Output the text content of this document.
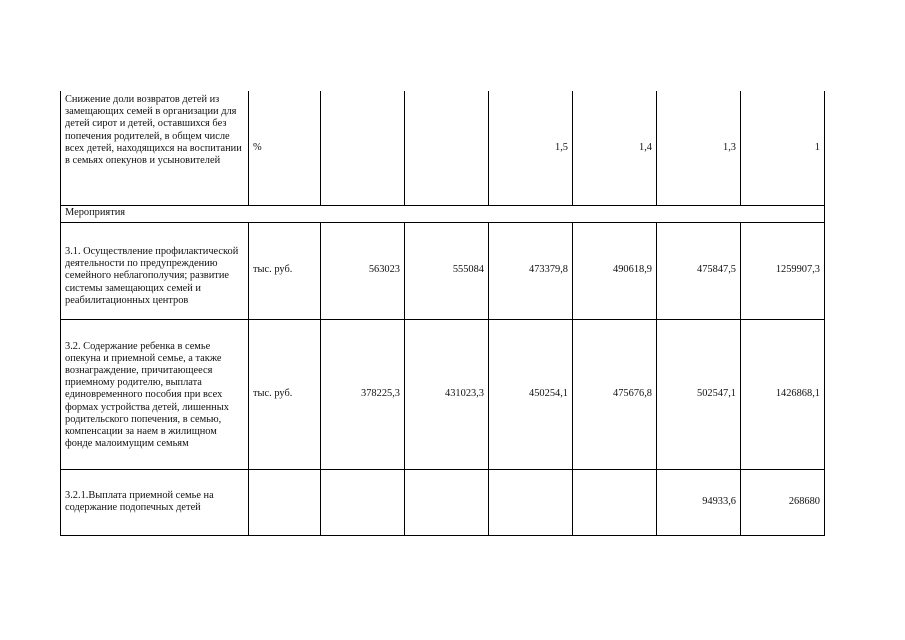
Снижение доли возвратов детей из замещающих семей в организации для детей сирот и детей, оставшихся без попечения родителей, в общем числе всех детей, находящихся на воспитании в семьях опекунов и усыновителей	%			1,5	1,4	1,3	1
Мероприятия							
3.1. Осуществление профилактической деятельности по предупреждению семейного неблагополучия; развитие системы замещающих семей и реабилитационных центров	тыс. руб.	563023	555084	473379,8	490618,9	475847,5	1259907,3
3.2. Содержание ребенка в семье опекуна и приемной семье, а также вознаграждение, причитающееся приемному родителю, выплата единовременного пособия при всех формах устройства детей, лишенных родительского попечения, в семью, компенсации за наем в жилищном фонде малоимущим семьям	тыс. руб.	378225,3	431023,3	450254,1	475676,8	502547,1	1426868,1
3.2.1.Выплата приемной семье на содержание подопечных детей						94933,6	268680
